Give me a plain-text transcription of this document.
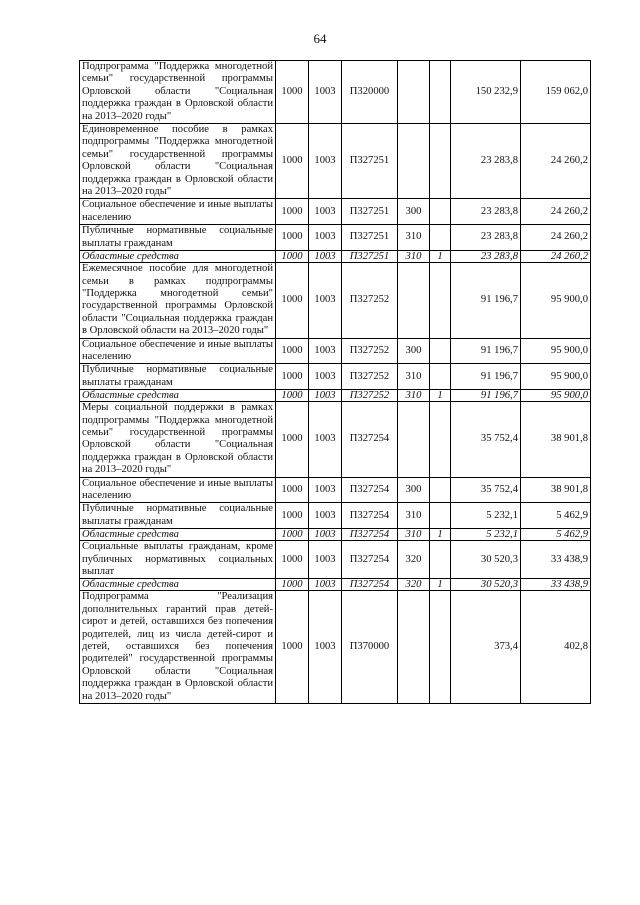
64
Подпрограмма "Поддержка многодетной семьи" государственной программы Орловской области "Социальная поддержка граждан в Орловской области на 2013–2020 годы"	1000	1003	П320000			150 232,9	159 062,0
Единовременное пособие в рамках подпрограммы "Поддержка многодетной семьи" государственной программы Орловской области "Социальная поддержка граждан в Орловской области на 2013–2020 годы"	1000	1003	П327251			23 283,8	24 260,2
Социальное обеспечение и иные выплаты населению	1000	1003	П327251	300		23 283,8	24 260,2
Публичные нормативные социальные выплаты гражданам	1000	1003	П327251	310		23 283,8	24 260,2
Областные средства	1000	1003	П327251	310	1	23 283,8	24 260,2
Ежемесячное пособие для многодетной семьи в рамках подпрограммы "Поддержка многодетной семьи" государственной программы Орловской области "Социальная поддержка граждан в Орловской области на 2013–2020 годы"	1000	1003	П327252			91 196,7	95 900,0
Социальное обеспечение и иные выплаты населению	1000	1003	П327252	300		91 196,7	95 900,0
Публичные нормативные социальные выплаты гражданам	1000	1003	П327252	310		91 196,7	95 900,0
Областные средства	1000	1003	П327252	310	1	91 196,7	95 900,0
Меры социальной поддержки в рамках подпрограммы "Поддержка многодетной семьи" государственной программы Орловской области "Социальная поддержка граждан в Орловской области на 2013–2020 годы"	1000	1003	П327254			35 752,4	38 901,8
Социальное обеспечение и иные выплаты населению	1000	1003	П327254	300		35 752,4	38 901,8
Публичные нормативные социальные выплаты гражданам	1000	1003	П327254	310		5 232,1	5 462,9
Областные средства	1000	1003	П327254	310	1	5 232,1	5 462,9
Социальные выплаты гражданам, кроме публичных нормативных социальных выплат	1000	1003	П327254	320		30 520,3	33 438,9
Областные средства	1000	1003	П327254	320	1	30 520,3	33 438,9
Подпрограмма "Реализация дополнительных гарантий прав детей-сирот и детей, оставшихся без попечения родителей, лиц из числа детей-сирот и детей, оставшихся без попечения родителей" государственной программы Орловской области "Социальная поддержка граждан в Орловской области на 2013–2020 годы"	1000	1003	П370000			373,4	402,8
